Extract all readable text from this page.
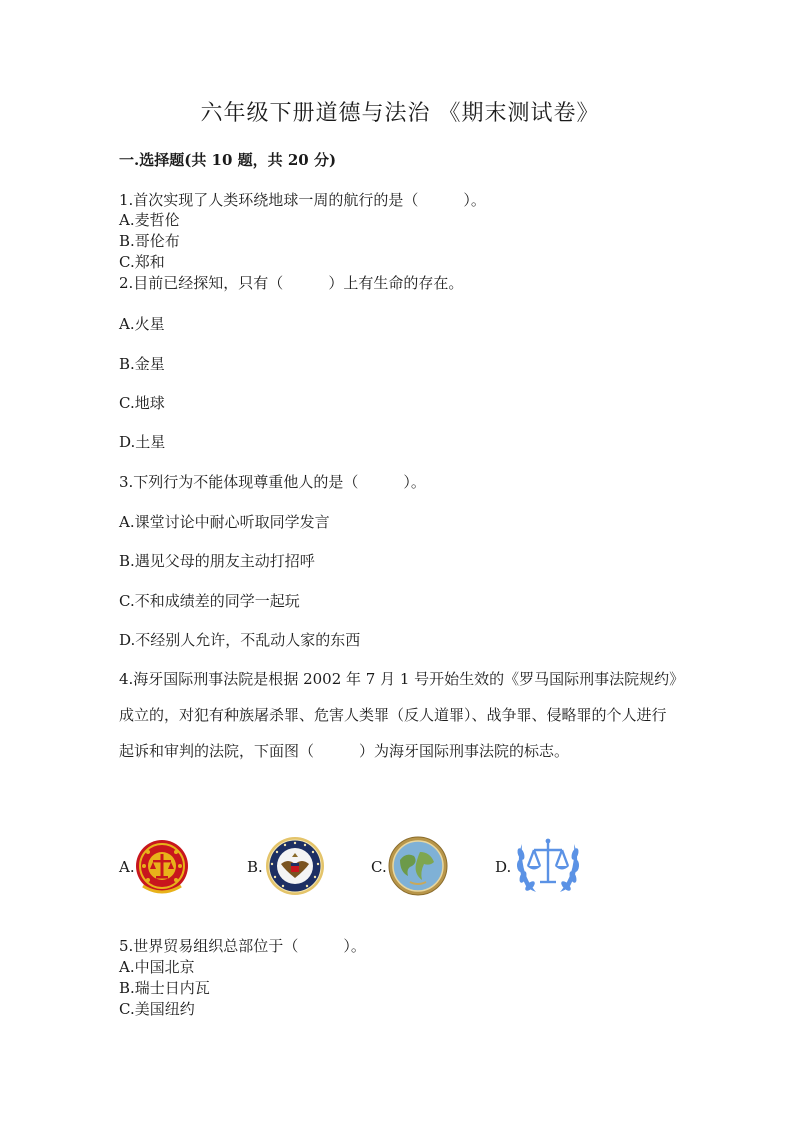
六年级下册道德与法治 《期末测试卷》
一.选择题(共 10 题，共 20 分)

1.首次实现了人类环绕地球一周的航行的是（　　　）。

A.麦哲伦

B.哥伦布

C.郑和

2.目前已经探知，只有（　　　）上有生命的存在。

A.火星

B.金星

C.地球

D.土星

3.下列行为不能体现尊重他人的是（　　　）。

A.课堂讨论中耐心听取同学发言

B.遇见父母的朋友主动打招呼

C.不和成绩差的同学一起玩

D.不经别人允许，不乱动人家的东西

4.海牙国际刑事法院是根据 2002 年 7 月 1 号开始生效的《罗马国际刑事法院规约》成立的，对犯有种族屠杀罪、危害人类罪（反人道罪）、战争罪、侵略罪的个人进行起诉和审判的法院，下面图（　　　）为海牙国际刑事法院的标志。

A.	B.	C.	D.

5.世界贸易组织总部位于（　　　）。

A.中国北京

B.瑞士日内瓦

C.美国纽约
